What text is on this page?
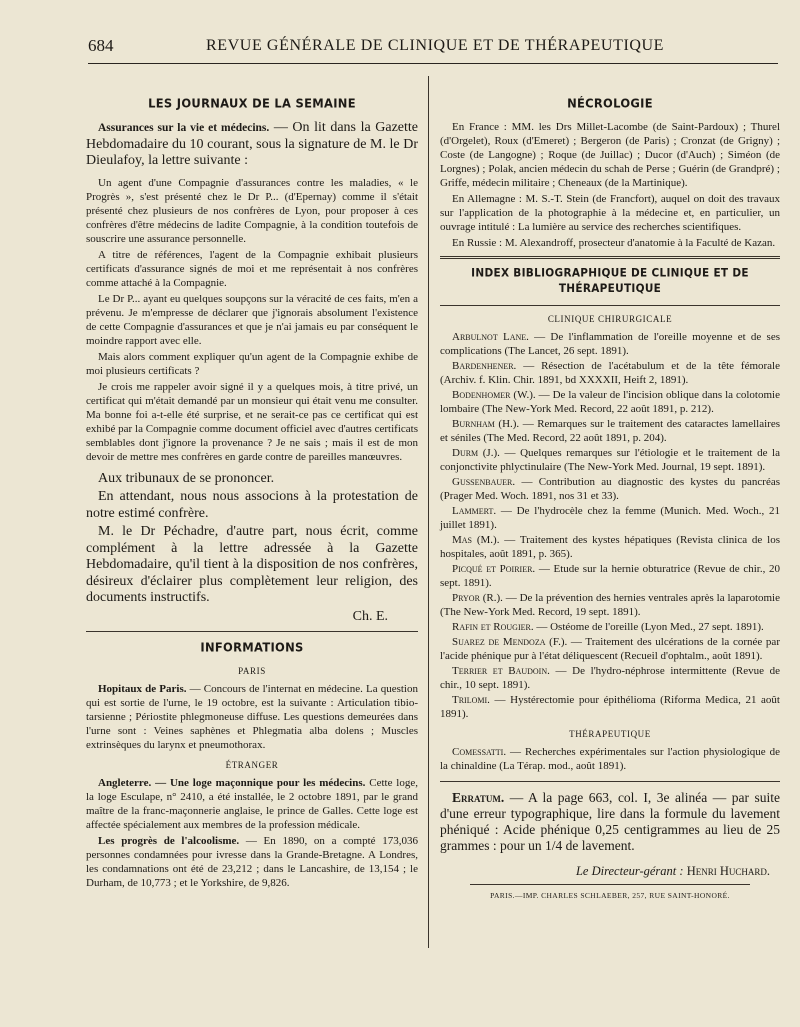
684	REVUE GÉNÉRALE DE CLINIQUE ET DE THÉRAPEUTIQUE
LES JOURNAUX DE LA SEMAINE
Assurances sur la vie et médecins. — On lit dans la Gazette Hebdomadaire du 10 courant, sous la signature de M. le Dr Dieulafoy, la lettre suivante :
Un agent d'une Compagnie d'assurances contre les maladies, « le Progrès », s'est présenté chez le Dr P... (d'Epernay) comme il s'était présenté chez plusieurs de nos confrères de Lyon, pour proposer à ces confrères d'être médecins de ladite Compagnie, à la condition toutefois de souscrire une assurance personnelle.
A titre de références, l'agent de la Compagnie exhibait plusieurs certificats d'assurance signés de moi et me représentait à nos confrères comme attaché à la Compagnie.
Le Dr P... ayant eu quelques soupçons sur la véracité de ces faits, m'en a prévenu. Je m'empresse de déclarer que j'ignorais absolument l'existence de cette Compagnie d'assurances et que je n'ai jamais eu par conséquent le moindre rapport avec elle.
Mais alors comment expliquer qu'un agent de la Compagnie exhibe de moi plusieurs certificats ?
Je crois me rappeler avoir signé il y a quelques mois, à titre privé, un certificat qui m'était demandé par un monsieur qui était venu me consulter. Ma bonne foi a-t-elle été surprise, et ne serait-ce pas ce certificat qui est exhibé par la Compagnie comme document officiel avec d'autres certificats semblables dont j'ignore la provenance ? Je ne sais ; mais il est de mon devoir de mettre mes confrères en garde contre de pareilles manœuvres.
Aux tribunaux de se prononcer.
En attendant, nous nous associons à la protestation de notre estimé confrère.
M. le Dr Péchadre, d'autre part, nous écrit, comme complément à la lettre adressée à la Gazette Hebdomadaire, qu'il tient à la disposition de nos confrères, désireux d'éclairer plus complètement leur religion, des documents instructifs.
Ch. E.
INFORMATIONS
PARIS
Hopitaux de Paris. — Concours de l'internat en médecine. La question qui est sortie de l'urne, le 19 octobre, est la suivante : Articulation tibio-tarsienne ; Périostite phlegmoneuse diffuse. Les questions demeurées dans l'urne sont : Veines saphènes et Phlegmatia alba dolens ; Muscles extrinsèques du larynx et pneumothorax.
ÉTRANGER
Angleterre. — Une loge maçonnique pour les médecins. Cette loge, la loge Esculape, n° 2410, a été installée, le 2 octobre 1891, par le grand maître de la franc-maçonnerie anglaise, le prince de Galles. Cette loge est affectée spécialement aux membres de la profession médicale.
Les progrès de l'alcoolisme. — En 1890, on a compté 173,036 personnes condamnées pour ivresse dans la Grande-Bretagne. A Londres, les condamnations ont été de 23,212 ; dans le Lancashire, de 13,154 ; le Durham, de 10,773 ; et le Yorkshire, de 9,826.
NÉCROLOGIE
En France : MM. les Drs Millet-Lacombe (de Saint-Pardoux) ; Thurel (d'Orgelet), Roux (d'Emeret) ; Bergeron (de Paris) ; Cronzat (de Grigny) ; Coste (de Langogne) ; Roque (de Juillac) ; Ducor (d'Auch) ; Siméon (de Lorgnes) ; Polak, ancien médecin du schah de Perse ; Guérin (de Grandpré) ; Griffe, médecin militaire ; Cheneaux (de la Martinique).
En Allemagne : M. S.-T. Stein (de Francfort), auquel on doit des travaux sur l'application de la photographie à la médecine et, en particulier, un ouvrage intitulé : La lumière au service des recherches scientifiques.
En Russie : M. Alexandroff, prosecteur d'anatomie à la Faculté de Kazan.
INDEX BIBLIOGRAPHIQUE DE CLINIQUE ET DE THÉRAPEUTIQUE
CLINIQUE CHIRURGICALE
Arbulnot Lane. — De l'inflammation de l'oreille moyenne et de ses complications (The Lancet, 26 sept. 1891).
Bardenhener. — Résection de l'acétabulum et de la tête fémorale (Archiv. f. Klin. Chir. 1891, bd XXXXII, Heift 2, 1891).
Bodenhomer (W.). — De la valeur de l'incision oblique dans la colotomie lombaire (The New-York Med. Record, 22 août 1891, p. 212).
Burnham (H.). — Remarques sur le traitement des cataractes lamellaires et séniles (The Med. Record, 22 août 1891, p. 204).
Durm (J.). — Quelques remarques sur l'étiologie et le traitement de la conjonctivite phlyctinulaire (The New-York Med. Journal, 19 sept. 1891).
Gussenbauer. — Contribution au diagnostic des kystes du pancréas (Prager Med. Woch. 1891, nos 31 et 33).
Lammert. — De l'hydrocèle chez la femme (Munich. Med. Woch., 21 juillet 1891).
Mas (M.). — Traitement des kystes hépatiques (Revista clinica de los hospitales, août 1891, p. 365).
Picqué et Poirier. — Etude sur la hernie obturatrice (Revue de chir., 20 sept. 1891).
Pryor (R.). — De la prévention des hernies ventrales après la laparotomie (The New-York Med. Record, 19 sept. 1891).
Rafin et Rougier. — Ostéome de l'oreille (Lyon Med., 27 sept. 1891).
Suarez de Mendoza (F.). — Traitement des ulcérations de la cornée par l'acide phénique pur à l'état déliquescent (Recueil d'ophtalm., août 1891).
Terrier et Baudoin. — De l'hydro-néphrose intermittente (Revue de chir., 10 sept. 1891).
Trilomi. — Hystérectomie pour épithélioma (Riforma Medica, 21 août 1891).
THÉRAPEUTIQUE
Comessatti. — Recherches expérimentales sur l'action physiologique de la chinaldine (La Térap. mod., août 1891).
Erratum. — A la page 663, col. I, 3e alinéa — par suite d'une erreur typographique, lire dans la formule du lavement phéniqué : Acide phénique 0,25 centigrammes au lieu de 25 grammes : pour un 1/4 de lavement.
Le Directeur-gérant : Henri Huchard.
PARIS.—IMP. CHARLES SCHLAEBER, 257, RUE SAINT-HONORÉ.
